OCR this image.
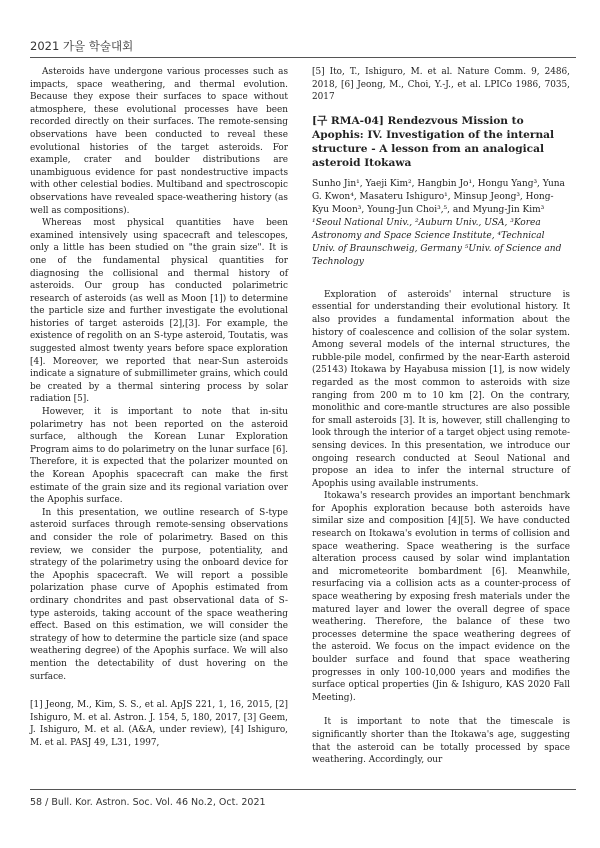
2021 가을 학술대회

Asteroids have undergone various processes such as impacts, space weathering, and thermal evolution. Because they expose their surfaces to space without atmosphere, these evolutional processes have been recorded directly on their surfaces. The remote-sensing observations have been conducted to reveal these evolutional histories of the target asteroids. For example, crater and boulder distributions are unambiguous evidence for past nondestructive impacts with other celestial bodies. Multiband and spectroscopic observations have revealed space-weathering history (as well as compositions).

Whereas most physical quantities have been examined intensively using spacecraft and telescopes, only a little has been studied on "the grain size". It is one of the fundamental physical quantities for diagnosing the collisional and thermal history of asteroids. Our group has conducted polarimetric research of asteroids (as well as Moon [1]) to determine the particle size and further investigate the evolutional histories of target asteroids [2],[3]. For example, the existence of regolith on an S-type asteroid, Toutatis, was suggested almost twenty years before space exploration [4]. Moreover, we reported that near-Sun asteroids indicate a signature of submillimeter grains, which could be created by a thermal sintering process by solar radiation [5].

However, it is important to note that in-situ polarimetry has not been reported on the asteroid surface, although the Korean Lunar Exploration Program aims to do polarimetry on the lunar surface [6]. Therefore, it is expected that the polarizer mounted on the Korean Apophis spacecraft can make the first estimate of the grain size and its regional variation over the Apophis surface.

In this presentation, we outline research of S-type asteroid surfaces through remote-sensing observations and consider the role of polarimetry. Based on this review, we consider the purpose, potentiality, and strategy of the polarimetry using the onboard device for the Apophis spacecraft. We will report a possible polarization phase curve of Apophis estimated from ordinary chondrites and past observational data of S-type asteroids, taking account of the space weathering effect. Based on this estimation, we will consider the strategy of how to determine the particle size (and space weathering degree) of the Apophis surface. We will also mention the detectability of dust hovering on the surface.

[1] Jeong, M., Kim, S. S., et al. ApJS 221, 1, 16, 2015, [2] Ishiguro, M. et al. Astron. J. 154, 5, 180, 2017, [3] Geem, J. Ishiguro, M. et al. (A&A, under review), [4] Ishiguro, M. et al. PASJ 49, L31, 1997,

[5] Ito, T., Ishiguro, M. et al. Nature Comm. 9, 2486, 2018, [6] Jeong, M., Choi, Y.-J., et al. LPICo 1986, 7035, 2017

[구 RMA-04] Rendezvous Mission to Apophis: IV. Investigation of the internal structure - A lesson from an analogical asteroid Itokawa
Sunho Jin¹, Yaeji Kim², Hangbin Jo¹, Hongu Yang³, Yuna G. Kwon⁴, Masateru Ishiguro¹, Minsup Jeong³, Hong-Kyu Moon³, Young-Jun Choi³,⁵, and Myung-Jin Kim³
¹Seoul National Univ., ²Auburn Univ., USA, ³Korea Astronomy and Space Science Institute, ⁴Technical Univ. of Braunschweig, Germany ⁵Univ. of Science and Technology

Exploration of asteroids' internal structure is essential for understanding their evolutional history. It also provides a fundamental information about the history of coalescence and collision of the solar system. Among several models of the internal structures, the rubble-pile model, confirmed by the near-Earth asteroid (25143) Itokawa by Hayabusa mission [1], is now widely regarded as the most common to asteroids with size ranging from 200 m to 10 km [2]. On the contrary, monolithic and core-mantle structures are also possible for small asteroids [3]. It is, however, still challenging to look through the interior of a target object using remote-sensing devices. In this presentation, we introduce our ongoing research conducted at Seoul National and propose an idea to infer the internal structure of Apophis using available instruments.

Itokawa's research provides an important benchmark for Apophis exploration because both asteroids have similar size and composition [4][5]. We have conducted research on Itokawa's evolution in terms of collision and space weathering. Space weathering is the surface alteration process caused by solar wind implantation and micrometeorite bombardment [6]. Meanwhile, resurfacing via a collision acts as a counter-process of space weathering by exposing fresh materials under the matured layer and lower the overall degree of space weathering. Therefore, the balance of these two processes determine the space weathering degrees of the asteroid. We focus on the impact evidence on the boulder surface and found that space weathering progresses in only 100-10,000 years and modifies the surface optical properties (Jin & Ishiguro, KAS 2020 Fall Meeting).

It is important to note that the timescale is significantly shorter than the Itokawa's age, suggesting that the asteroid can be totally processed by space weathering. Accordingly, our

58 / Bull. Kor. Astron. Soc. Vol. 46 No.2, Oct. 2021
